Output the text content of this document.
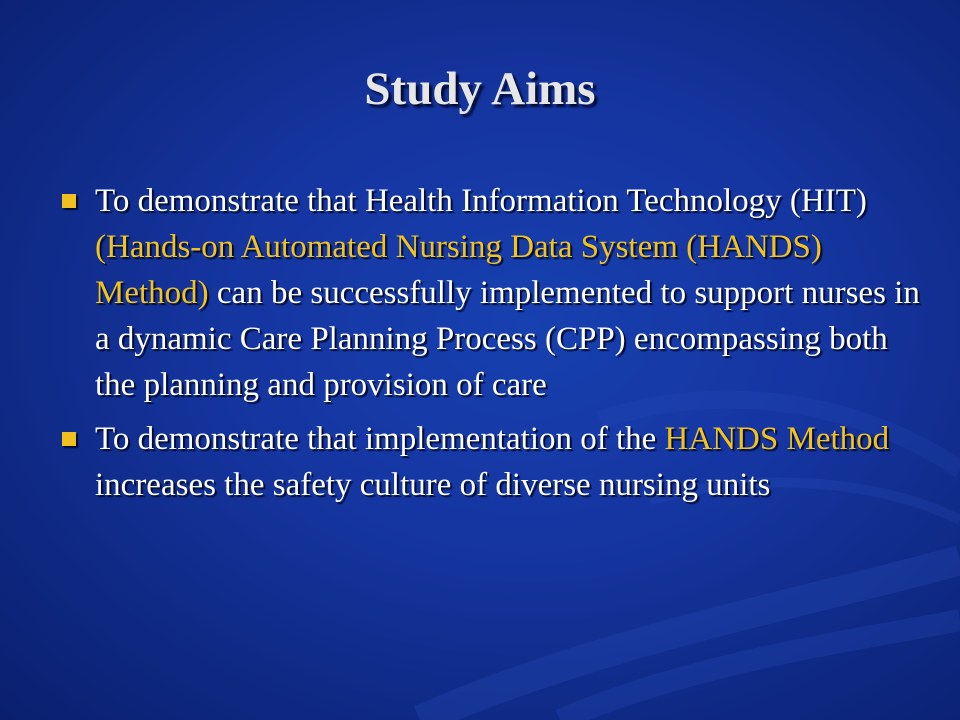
Study Aims
To demonstrate that Health Information Technology (HIT) (Hands-on Automated Nursing Data System (HANDS) Method) can be successfully implemented to support nurses in a dynamic Care Planning Process (CPP) encompassing both the planning and provision of care
To demonstrate that implementation of the HANDS Method increases the safety culture of diverse nursing units
